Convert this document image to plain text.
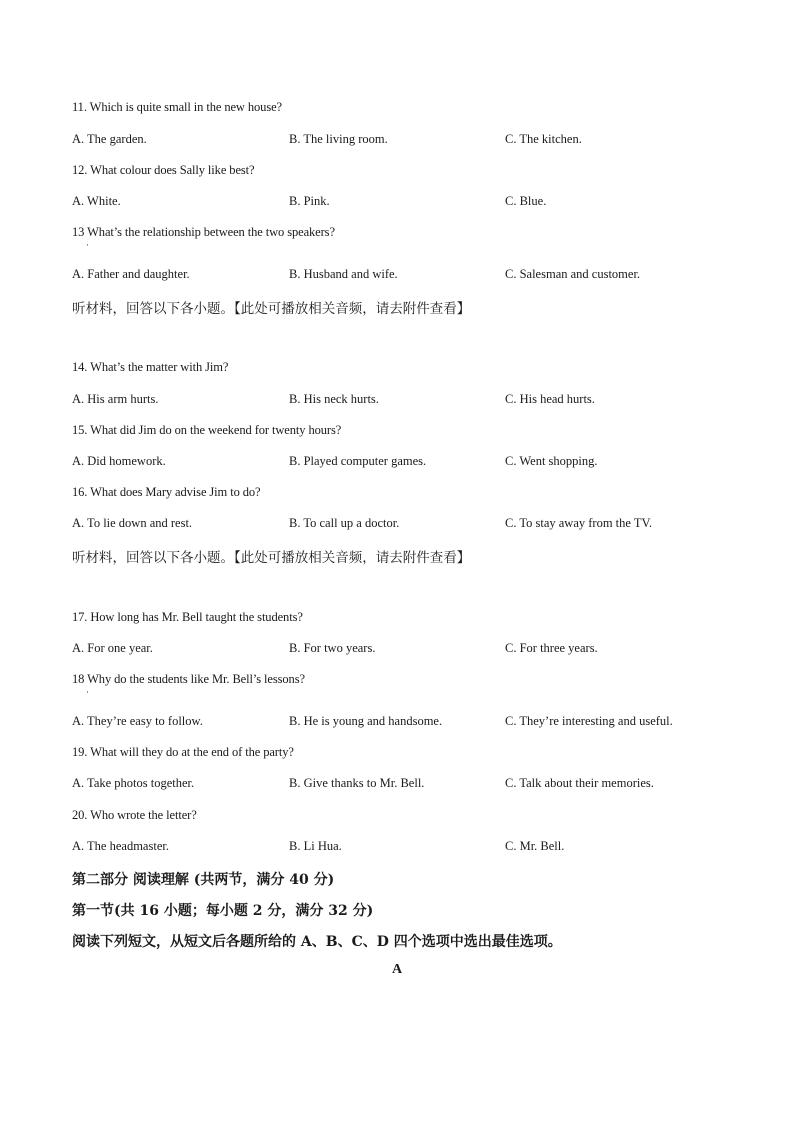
11. Which is quite small in the new house?
A. The garden.	B. The living room.	C. The kitchen.
12. What colour does Sally like best?
A. White.	B. Pink.	C. Blue.
13 What’s the relationship between the two speakers?
·
A. Father and daughter.	B. Husband and wife.	C. Salesman and customer.
听材料，回答以下各小题。【此处可播放相关音频，请去附件查看】
14. What’s the matter with Jim?
A. His arm hurts.	B. His neck hurts.	C. His head hurts.
15. What did Jim do on the weekend for twenty hours?
A. Did homework.	B. Played computer games.	C. Went shopping.
16. What does Mary advise Jim to do?
A. To lie down and rest.	B. To call up a doctor.	C. To stay away from the TV.
听材料，回答以下各小题。【此处可播放相关音频，请去附件查看】
17. How long has Mr. Bell taught the students?
A. For one year.	B. For two years.	C. For three years.
18 Why do the students like Mr. Bell’s lessons?
·
A. They’re easy to follow.	B. He is young and handsome.	C. They’re interesting and useful.
19. What will they do at the end of the party?
A. Take photos together.	B. Give thanks to Mr. Bell.	C. Talk about their memories.
20. Who wrote the letter?
A. The headmaster.	B. Li Hua.	C. Mr. Bell.
第二部分 阅读理解 (共两节，满分 40 分)
第一节(共 16 小题；每小题 2 分，满分 32 分)
阅读下列短文，从短文后各题所给的 A、B、C、D 四个选项中选出最佳选项。
A
